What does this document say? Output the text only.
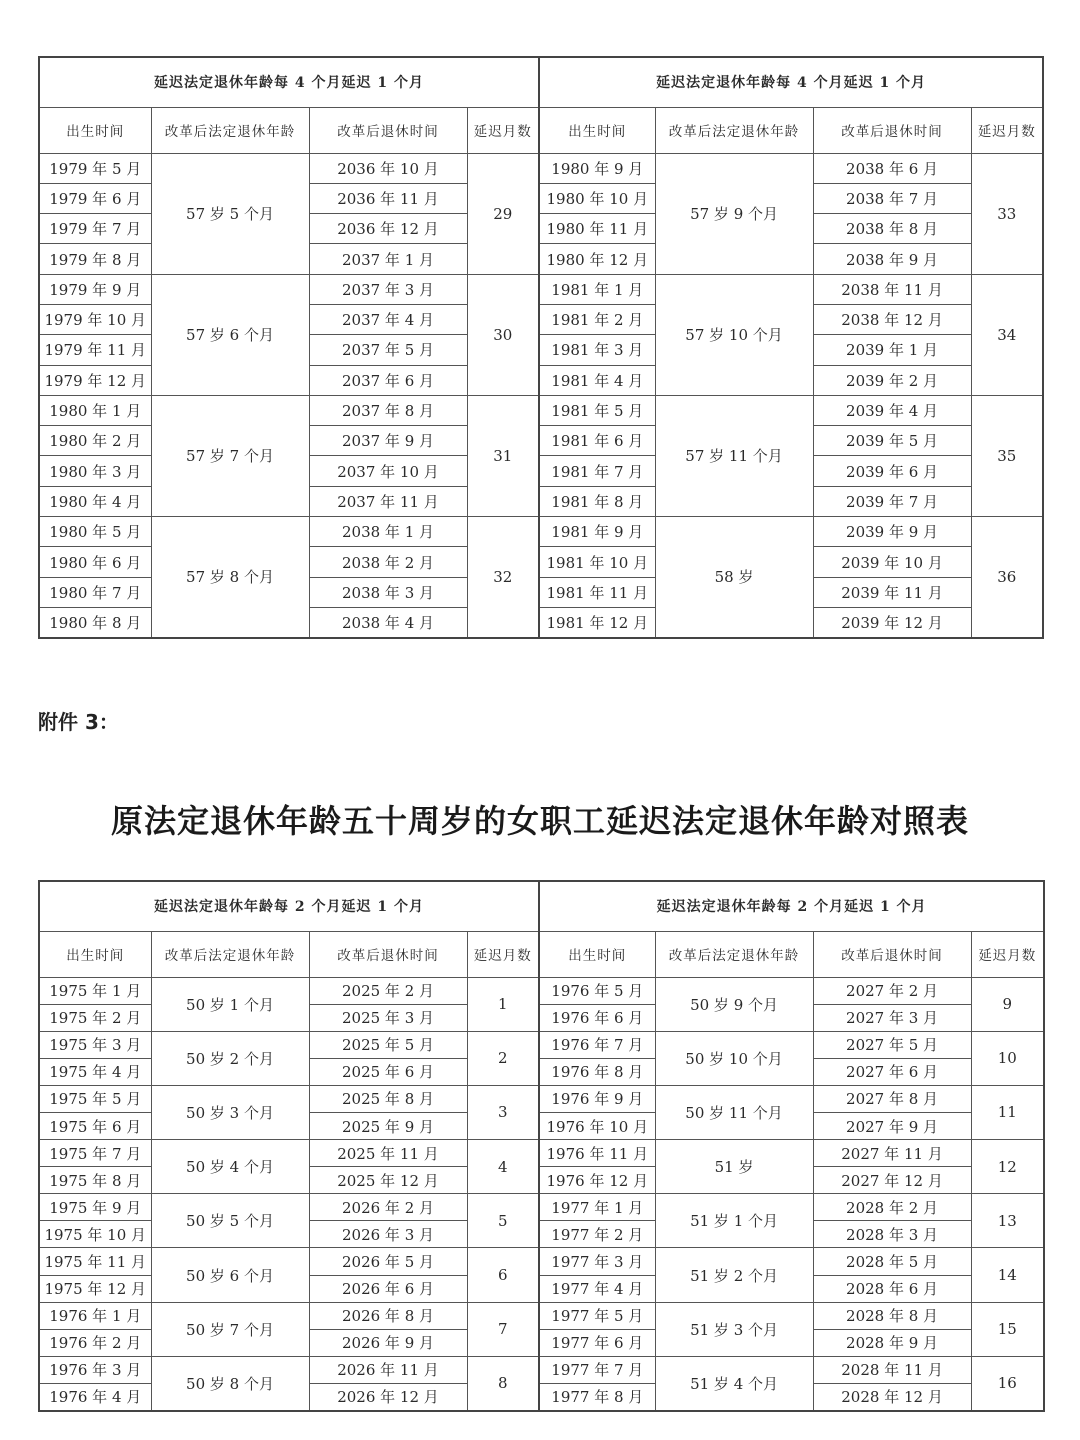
延迟法定退休年龄每 4 个月延迟 1 个月				延迟法定退休年龄每 4 个月延迟 1 个月			
出生时间	改革后法定退休年龄	改革后退休时间	延迟月数	出生时间	改革后法定退休年龄	改革后退休时间	延迟月数
1979 年 5 月	57 岁 5 个月	2036 年 10 月	29	1980 年 9 月	57 岁 9 个月	2038 年 6 月	33
1979 年 6 月		2036 年 11 月		1980 年 10 月		2038 年 7 月	
1979 年 7 月		2036 年 12 月		1980 年 11 月		2038 年 8 月	
1979 年 8 月		2037 年 1 月		1980 年 12 月		2038 年 9 月	
1979 年 9 月	57 岁 6 个月	2037 年 3 月	30	1981 年 1 月	57 岁 10 个月	2038 年 11 月	34
1979 年 10 月		2037 年 4 月		1981 年 2 月		2038 年 12 月	
1979 年 11 月		2037 年 5 月		1981 年 3 月		2039 年 1 月	
1979 年 12 月		2037 年 6 月		1981 年 4 月		2039 年 2 月	
1980 年 1 月	57 岁 7 个月	2037 年 8 月	31	1981 年 5 月	57 岁 11 个月	2039 年 4 月	35
1980 年 2 月		2037 年 9 月		1981 年 6 月		2039 年 5 月	
1980 年 3 月		2037 年 10 月		1981 年 7 月		2039 年 6 月	
1980 年 4 月		2037 年 11 月		1981 年 8 月		2039 年 7 月	
1980 年 5 月	57 岁 8 个月	2038 年 1 月	32	1981 年 9 月	58 岁	2039 年 9 月	36
1980 年 6 月		2038 年 2 月		1981 年 10 月		2039 年 10 月	
1980 年 7 月		2038 年 3 月		1981 年 11 月		2039 年 11 月	
1980 年 8 月		2038 年 4 月		1981 年 12 月		2039 年 12 月	
附件 3：
原法定退休年龄五十周岁的女职工延迟法定退休年龄对照表
延迟法定退休年龄每 2 个月延迟 1 个月				延迟法定退休年龄每 2 个月延迟 1 个月			
出生时间	改革后法定退休年龄	改革后退休时间	延迟月数	出生时间	改革后法定退休年龄	改革后退休时间	延迟月数
1975 年 1 月	50 岁 1 个月	2025 年 2 月	1	1976 年 5 月	50 岁 9 个月	2027 年 2 月	9
1975 年 2 月		2025 年 3 月		1976 年 6 月		2027 年 3 月	
1975 年 3 月	50 岁 2 个月	2025 年 5 月	2	1976 年 7 月	50 岁 10 个月	2027 年 5 月	10
1975 年 4 月		2025 年 6 月		1976 年 8 月		2027 年 6 月	
1975 年 5 月	50 岁 3 个月	2025 年 8 月	3	1976 年 9 月	50 岁 11 个月	2027 年 8 月	11
1975 年 6 月		2025 年 9 月		1976 年 10 月		2027 年 9 月	
1975 年 7 月	50 岁 4 个月	2025 年 11 月	4	1976 年 11 月	51 岁	2027 年 11 月	12
1975 年 8 月		2025 年 12 月		1976 年 12 月		2027 年 12 月	
1975 年 9 月	50 岁 5 个月	2026 年 2 月	5	1977 年 1 月	51 岁 1 个月	2028 年 2 月	13
1975 年 10 月		2026 年 3 月		1977 年 2 月		2028 年 3 月	
1975 年 11 月	50 岁 6 个月	2026 年 5 月	6	1977 年 3 月	51 岁 2 个月	2028 年 5 月	14
1975 年 12 月		2026 年 6 月		1977 年 4 月		2028 年 6 月	
1976 年 1 月	50 岁 7 个月	2026 年 8 月	7	1977 年 5 月	51 岁 3 个月	2028 年 8 月	15
1976 年 2 月		2026 年 9 月		1977 年 6 月		2028 年 9 月	
1976 年 3 月	50 岁 8 个月	2026 年 11 月	8	1977 年 7 月	51 岁 4 个月	2028 年 11 月	16
1976 年 4 月		2026 年 12 月		1977 年 8 月		2028 年 12 月	
